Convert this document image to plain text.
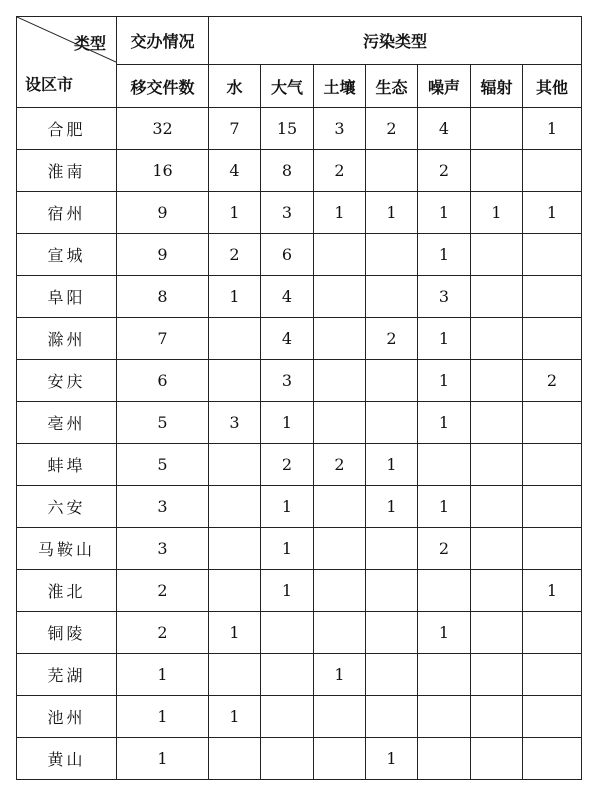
类型
设区市	交办情况	污染类型						
	移交件数	水	大气	土壤	生态	噪声	辐射	其他
合肥	32	7	15	3	2	4		1
淮南	16	4	8	2		2		
宿州	9	1	3	1	1	1	1	1
宣城	9	2	6			1		
阜阳	8	1	4			3		
滁州	7		4		2	1		
安庆	6		3			1		2
亳州	5	3	1			1		
蚌埠	5		2	2	1			
六安	3		1		1	1		
马鞍山	3		1			2		
淮北	2		1					1
铜陵	2	1				1		
芜湖	1			1				
池州	1	1						
黄山	1				1			
